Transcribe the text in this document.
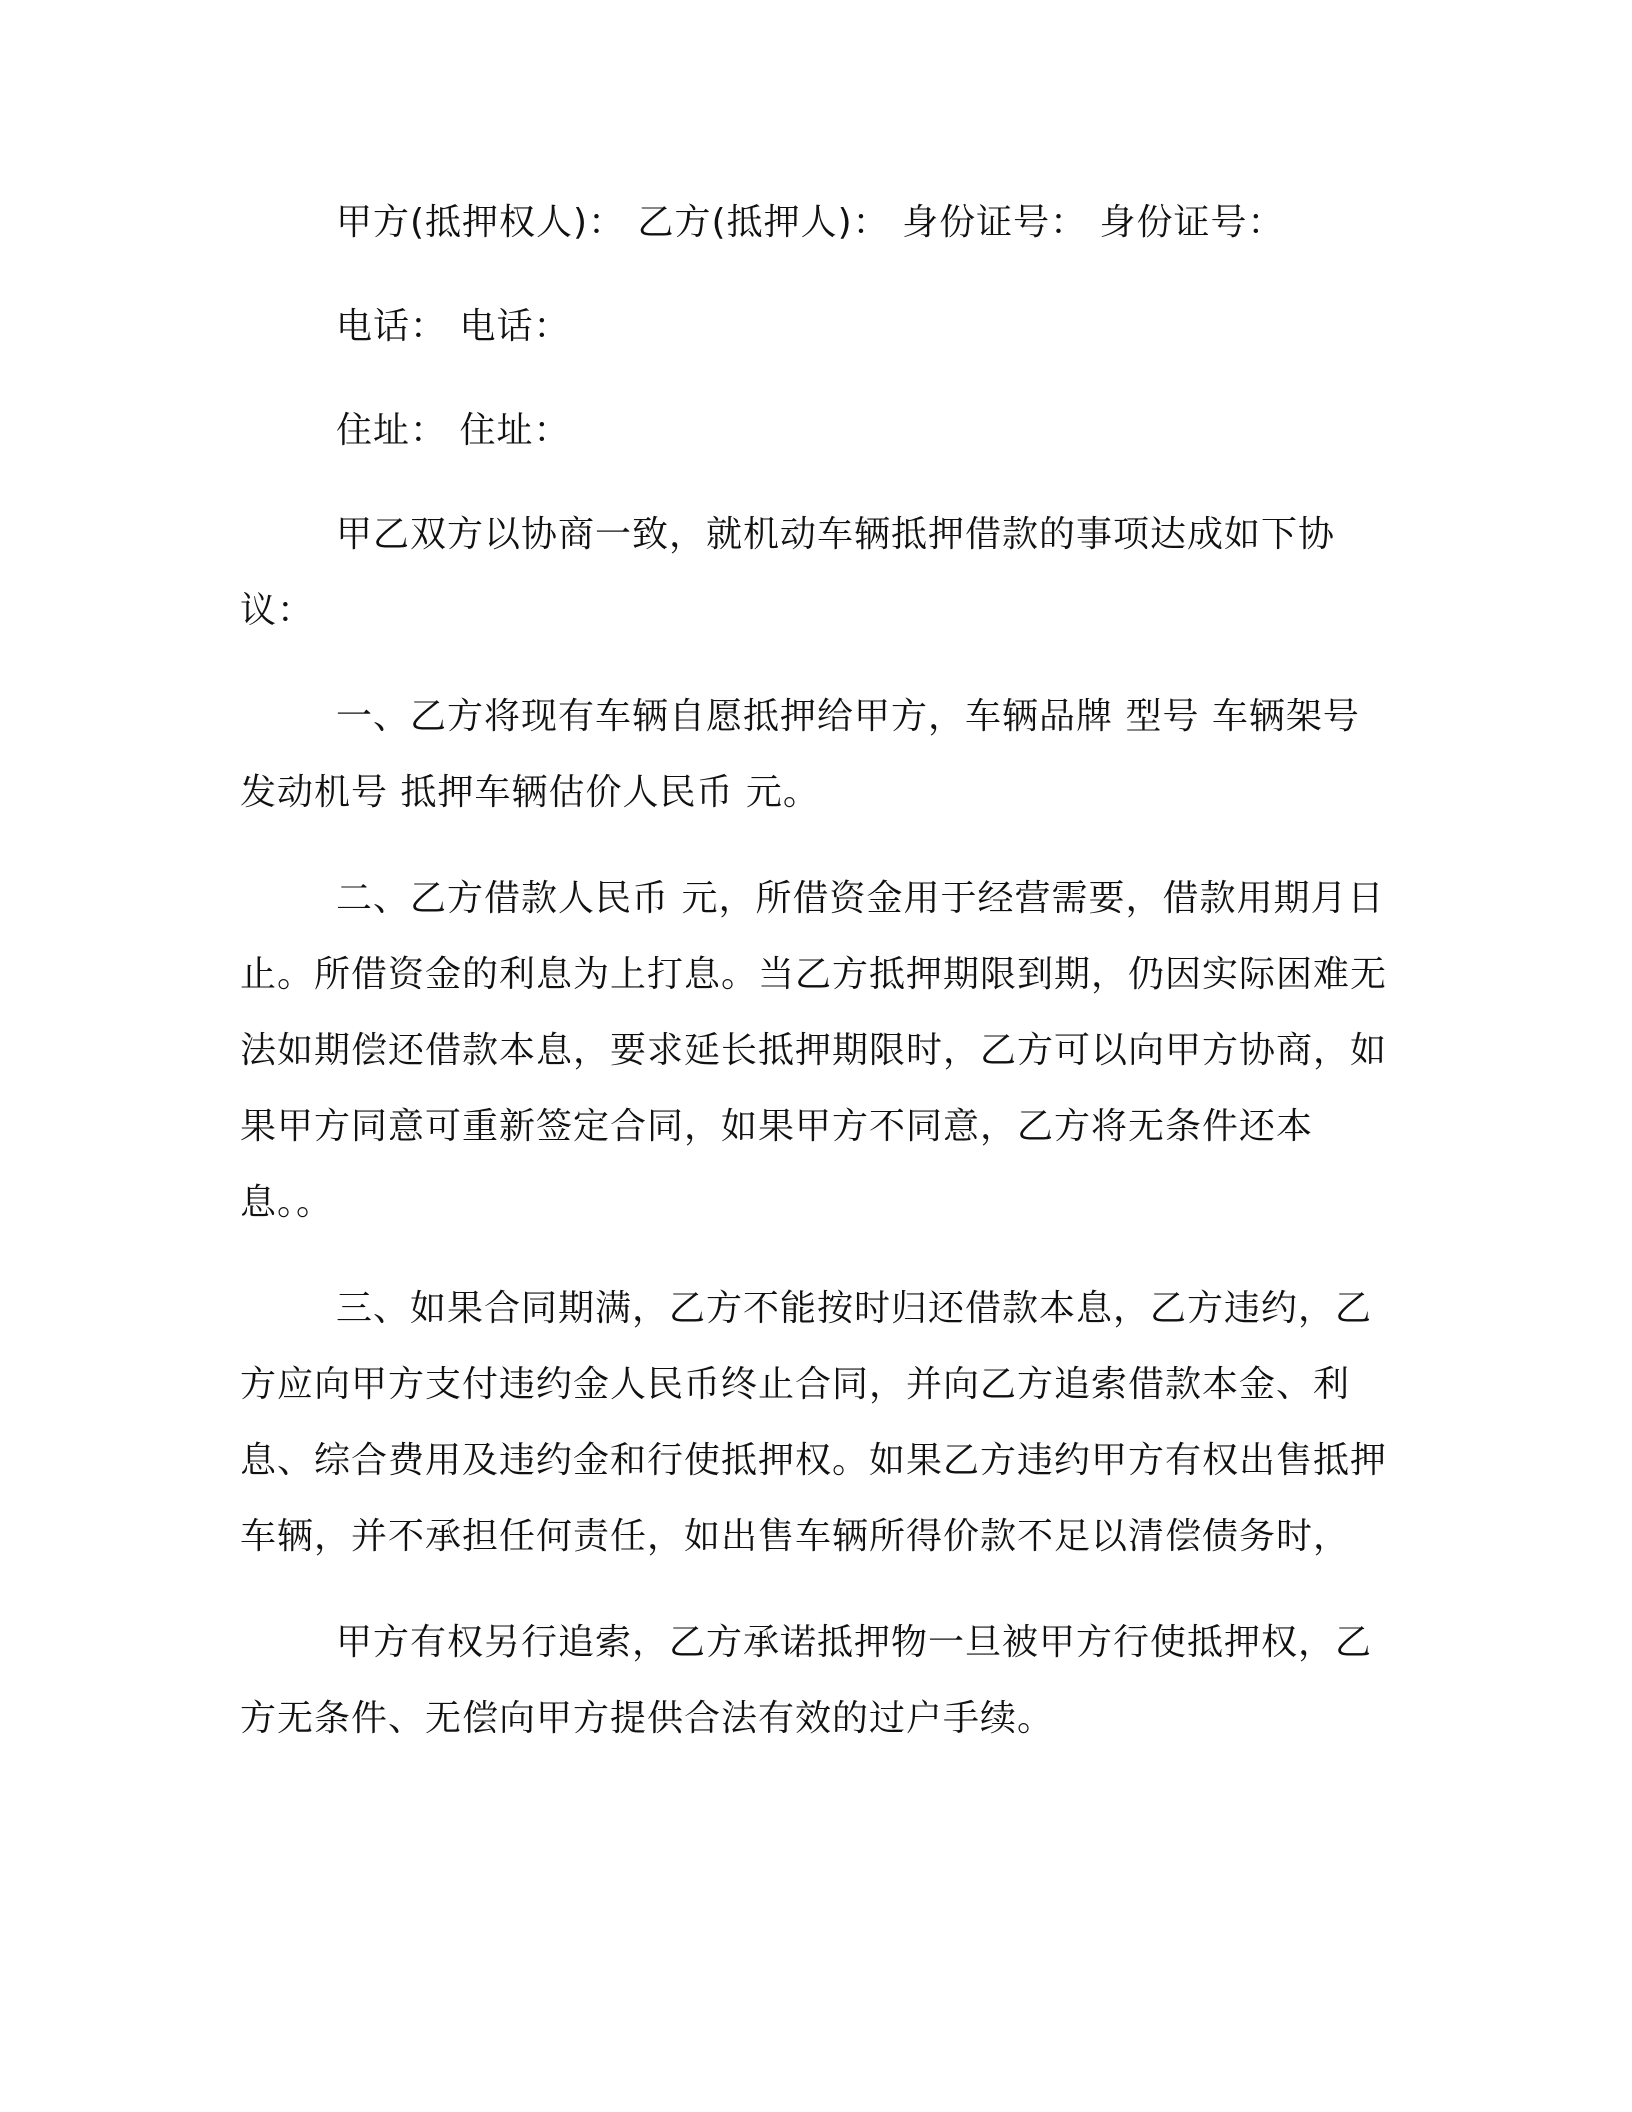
甲方(抵押权人)： 乙方(抵押人)： 身份证号： 身份证号：

电话： 电话：

住址： 住址：

甲乙双方以协商一致，就机动车辆抵押借款的事项达成如下协议：

一、乙方将现有车辆自愿抵押给甲方，车辆品牌 型号 车辆架号 发动机号 抵押车辆估价人民币 元。

二、乙方借款人民币 元，所借资金用于经营需要，借款用期月日止。所借资金的利息为上打息。当乙方抵押期限到期，仍因实际困难无法如期偿还借款本息，要求延长抵押期限时，乙方可以向甲方协商，如果甲方同意可重新签定合同，如果甲方不同意，乙方将无条件还本息。。

三、如果合同期满，乙方不能按时归还借款本息，乙方违约，乙方应向甲方支付违约金人民币终止合同，并向乙方追索借款本金、利息、综合费用及违约金和行使抵押权。如果乙方违约甲方有权出售抵押车辆，并不承担任何责任，如出售车辆所得价款不足以清偿债务时，

甲方有权另行追索，乙方承诺抵押物一旦被甲方行使抵押权，乙方无条件、无偿向甲方提供合法有效的过户手续。
